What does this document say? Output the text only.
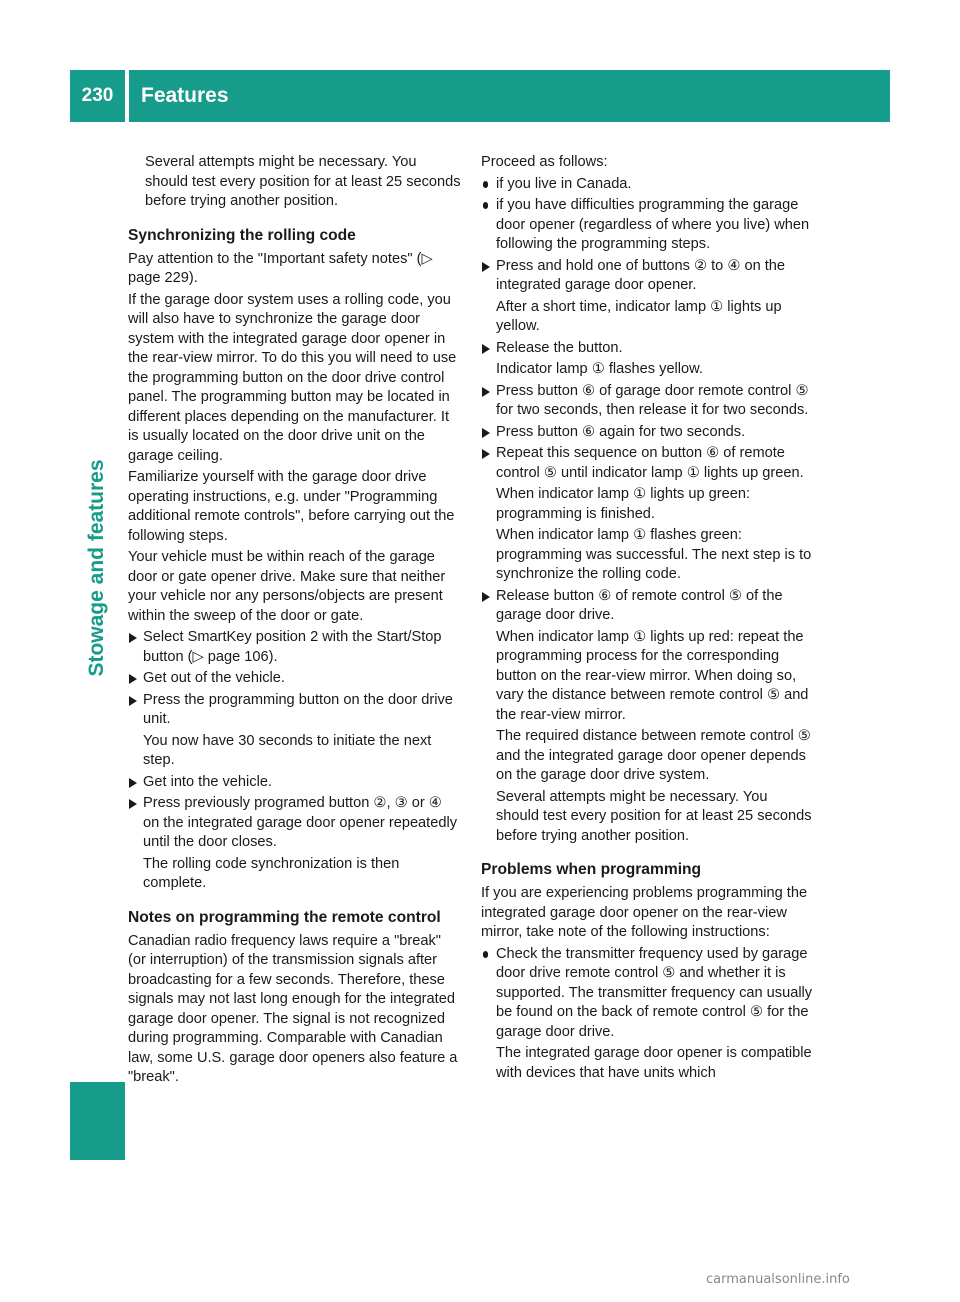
230	Features
Stowage and features

Several attempts might be necessary. You should test every position for at least 25 seconds before trying another position.

Synchronizing the rolling code

Pay attention to the "Important safety notes" (▷ page 229).

If the garage door system uses a rolling code, you will also have to synchronize the garage door system with the integrated garage door opener in the rear-view mirror. To do this you will need to use the programming button on the door drive control panel. The programming button may be located in different places depending on the manufacturer. It is usually located on the door drive unit on the garage ceiling.

Familiarize yourself with the garage door drive operating instructions, e.g. under "Programming additional remote controls", before carrying out the following steps.

Your vehicle must be within reach of the garage door or gate opener drive. Make sure that neither your vehicle nor any persons/objects are present within the sweep of the door or gate.

Select SmartKey position 2 with the Start/Stop button (▷ page 106).
Get out of the vehicle.
Press the programming button on the door drive unit.
You now have 30 seconds to initiate the next step.
Get into the vehicle.
Press previously programed button ②, ③ or ④ on the integrated garage door opener repeatedly until the door closes.
The rolling code synchronization is then complete.
Notes on programming the remote control

Canadian radio frequency laws require a "break" (or interruption) of the transmission signals after broadcasting for a few seconds. Therefore, these signals may not last long enough for the integrated garage door opener. The signal is not recognized during programming. Comparable with Canadian law, some U.S. garage door openers also feature a "break".

Proceed as follows:

if you live in Canada.
if you have difficulties programming the garage door opener (regardless of where you live) when following the programming steps.
Press and hold one of buttons ② to ④ on the integrated garage door opener.
After a short time, indicator lamp ① lights up yellow.
Release the button.
Indicator lamp ① flashes yellow.
Press button ⑥ of garage door remote control ⑤ for two seconds, then release it for two seconds.
Press button ⑥ again for two seconds.
Repeat this sequence on button ⑥ of remote control ⑤ until indicator lamp ① lights up green.
When indicator lamp ① lights up green: programming is finished.
When indicator lamp ① flashes green: programming was successful. The next step is to synchronize the rolling code.
Release button ⑥ of remote control ⑤ of the garage door drive.
When indicator lamp ① lights up red: repeat the programming process for the corresponding button on the rear-view mirror. When doing so, vary the distance between remote control ⑤ and the rear-view mirror.
The required distance between remote control ⑤ and the integrated garage door opener depends on the garage door drive system.
Several attempts might be necessary. You should test every position for at least 25 seconds before trying another position.
Problems when programming

If you are experiencing problems programming the integrated garage door opener on the rear-view mirror, take note of the following instructions:

Check the transmitter frequency used by garage door drive remote control ⑤ and whether it is supported. The transmitter frequency can usually be found on the back of remote control ⑤ for the garage door drive.
The integrated garage door opener is compatible with devices that have units which
carmanualsonline.info
